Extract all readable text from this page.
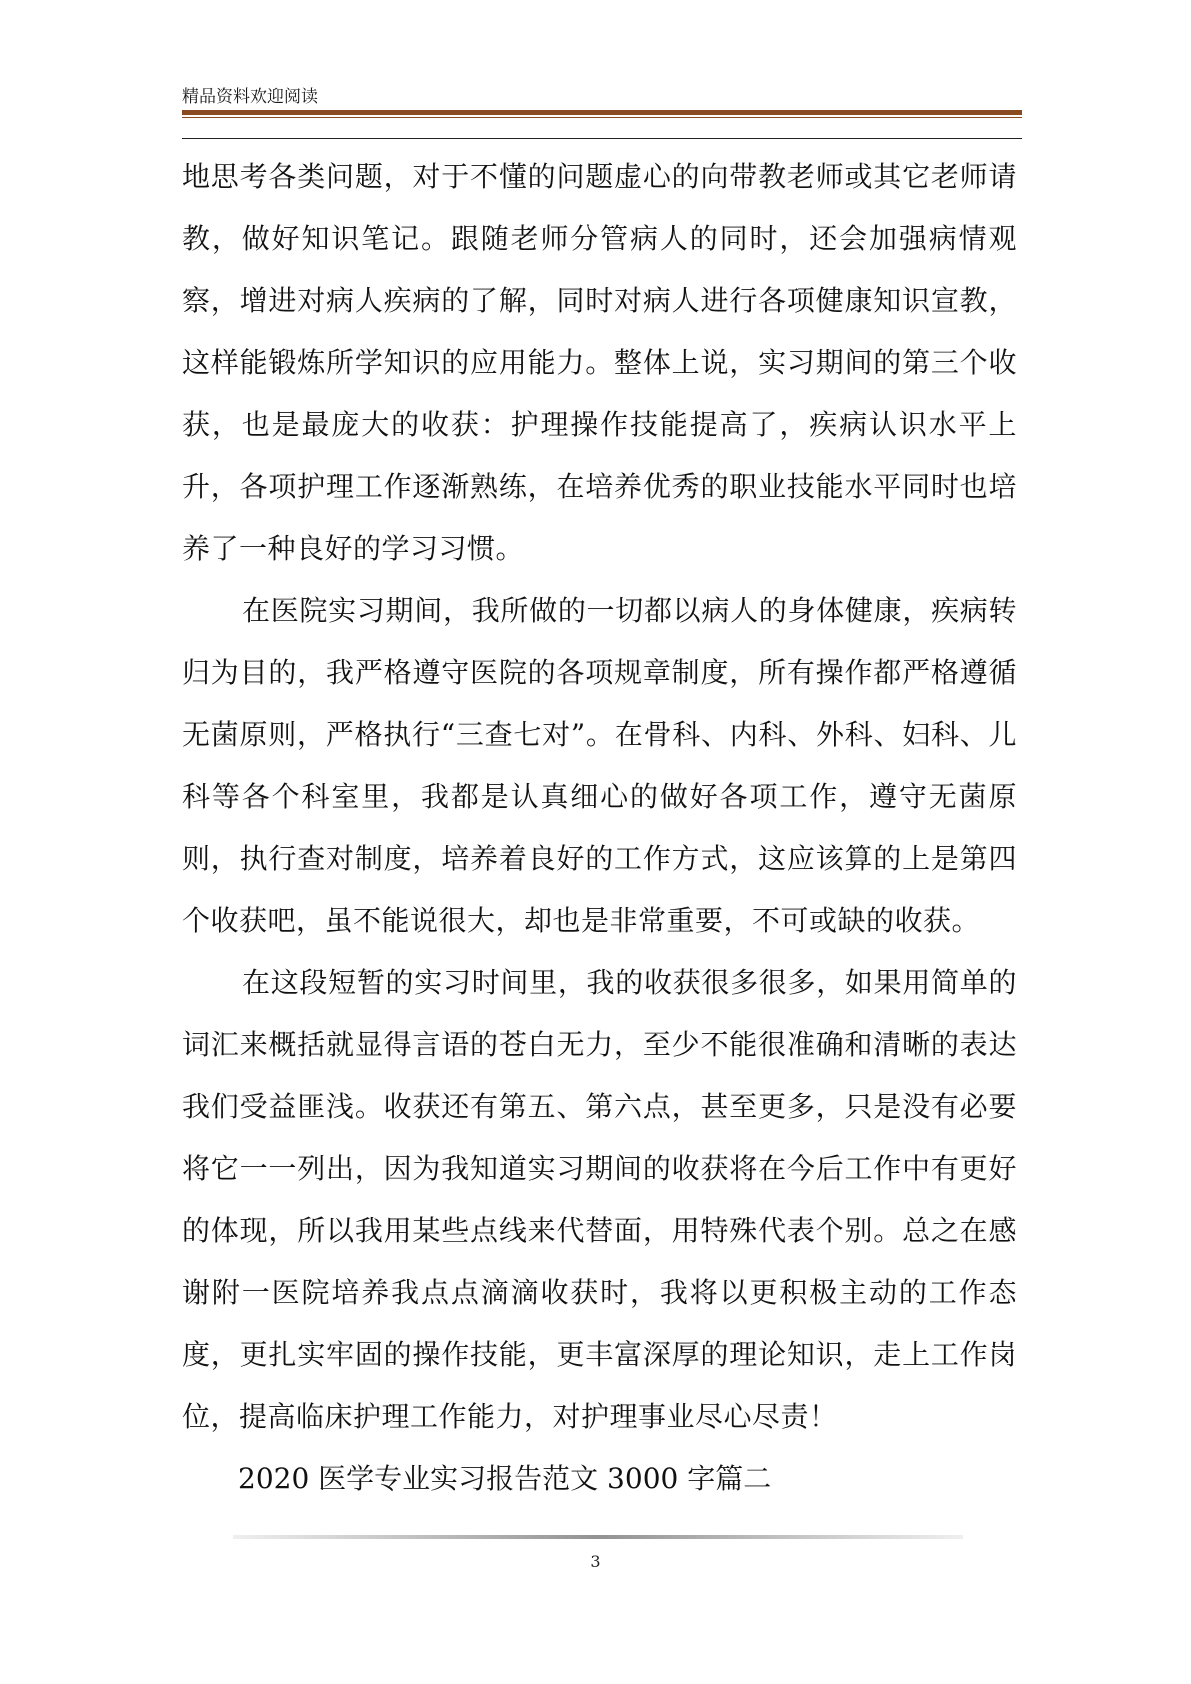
精品资料欢迎阅读

地思考各类问题，对于不懂的问题虚心的向带教老师或其它老师请教，做好知识笔记。跟随老师分管病人的同时，还会加强病情观察，增进对病人疾病的了解，同时对病人进行各项健康知识宣教，这样能锻炼所学知识的应用能力。整体上说，实习期间的第三个收获，也是最庞大的收获：护理操作技能提高了，疾病认识水平上升，各项护理工作逐渐熟练，在培养优秀的职业技能水平同时也培养了一种良好的学习习惯。

在医院实习期间，我所做的一切都以病人的身体健康，疾病转归为目的，我严格遵守医院的各项规章制度，所有操作都严格遵循无菌原则，严格执行“三查七对”。在骨科、内科、外科、妇科、儿科等各个科室里，我都是认真细心的做好各项工作，遵守无菌原则，执行查对制度，培养着良好的工作方式，这应该算的上是第四个收获吧，虽不能说很大，却也是非常重要，不可或缺的收获。

在这段短暂的实习时间里，我的收获很多很多，如果用简单的词汇来概括就显得言语的苍白无力，至少不能很准确和清晰的表达我们受益匪浅。收获还有第五、第六点，甚至更多，只是没有必要将它一一列出，因为我知道实习期间的收获将在今后工作中有更好的体现，所以我用某些点线来代替面，用特殊代表个别。总之在感谢附一医院培养我点点滴滴收获时，我将以更积极主动的工作态度，更扎实牢固的操作技能，更丰富深厚的理论知识，走上工作岗位，提高临床护理工作能力，对护理事业尽心尽责！

2020 医学专业实习报告范文 3000 字篇二

3
